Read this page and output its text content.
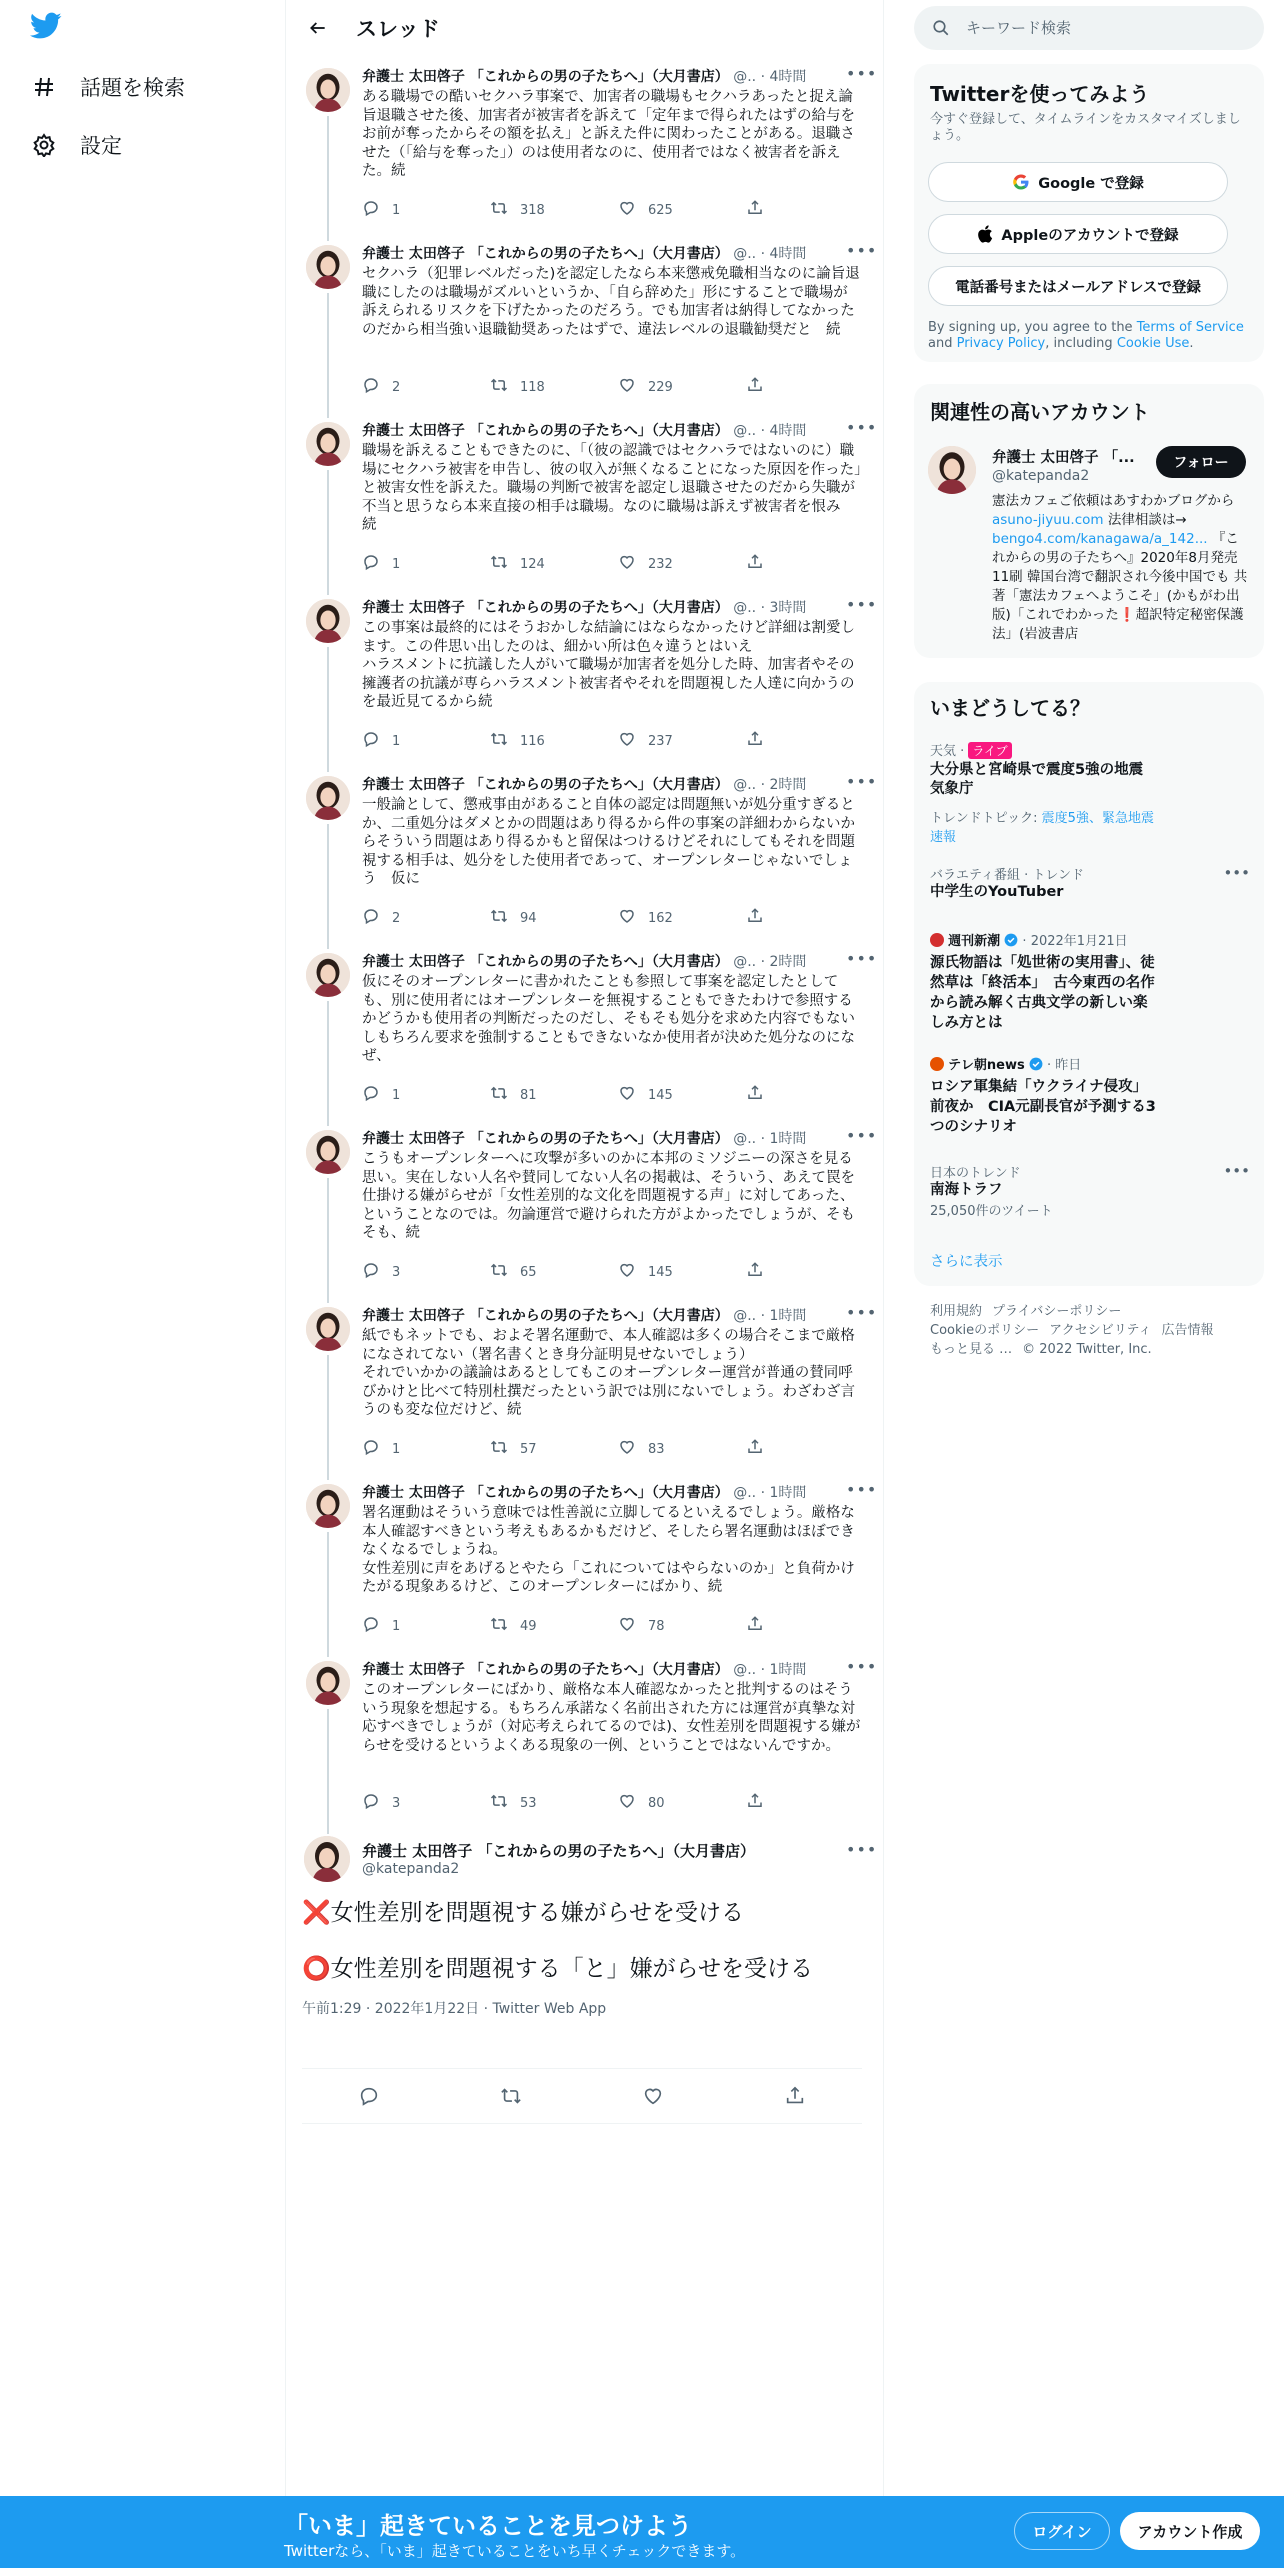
話題を検索
設定
スレッド
弁護士 太田啓子 「これからの男の子たちへ」（大月書店） @.. · 4時間	•••
ある職場での酷いセクハラ事案で、加害者の職場もセクハラあったと捉え論旨退職させた後、加害者が被害者を訴えて「定年まで得られたはずの給与をお前が奪ったからその額を払え」と訴えた件に関わったことがある。退職させた（「給与を奪った」）のは使用者なのに、使用者ではなく被害者を訴えた。続
1	318	625
弁護士 太田啓子 「これからの男の子たちへ」（大月書店） @.. · 4時間	•••
セクハラ（犯罪レベルだった)を認定したなら本来懲戒免職相当なのに論旨退職にしたのは職場がズルいというか、「自ら辞めた」形にすることで職場が訴えられるリスクを下げたかったのだろう。でも加害者は納得してなかったのだから相当強い退職勧奨あったはずで、違法レベルの退職勧奨だと　続
2	118	229
弁護士 太田啓子 「これからの男の子たちへ」（大月書店） @.. · 4時間	•••
職場を訴えることもできたのに、「（彼の認識ではセクハラではないのに）職場にセクハラ被害を申告し、彼の収入が無くなることになった原因を作った」と被害女性を訴えた。職場の判断で被害を認定し退職させたのだから失職が不当と思うなら本来直接の相手は職場。なのに職場は訴えず被害者を恨み　続
1	124	232
弁護士 太田啓子 「これからの男の子たちへ」（大月書店） @.. · 3時間	•••
この事案は最終的にはそうおかしな結論にはならなかったけど詳細は割愛します。この件思い出したのは、細かい所は色々違うとはいえ
ハラスメントに抗議した人がいて職場が加害者を処分した時、加害者やその擁護者の抗議が専らハラスメント被害者やそれを問題視した人達に向かうのを最近見てるから続
1	116	237
弁護士 太田啓子 「これからの男の子たちへ」（大月書店） @.. · 2時間	•••
一般論として、懲戒事由があること自体の認定は問題無いが処分重すぎるとか、二重処分はダメとかの問題はあり得るから件の事案の詳細わからないからそういう問題はあり得るかもと留保はつけるけどそれにしてもそれを問題視する相手は、処分をした使用者であって、オープンレターじゃないでしょう　仮に
2	94	162
弁護士 太田啓子 「これからの男の子たちへ」（大月書店） @.. · 2時間	•••
仮にそのオープンレターに書かれたことも参照して事案を認定したとしても、別に使用者にはオープンレターを無視することもできたわけで参照するかどうかも使用者の判断だったのだし、そもそも処分を求めた内容でもないしもちろん要求を強制することもできないなか使用者が決めた処分なのになぜ、
1	81	145
弁護士 太田啓子 「これからの男の子たちへ」（大月書店） @.. · 1時間	•••
こうもオープンレターへに攻撃が多いのかに本邦のミソジニーの深さを見る思い。実在しない人名や賛同してない人名の掲載は、そういう、あえて罠を仕掛ける嫌がらせが「女性差別的な文化を問題視する声」に対してあった、ということなのでは。勿論運営で避けられた方がよかったでしょうが、そもそも、続
3	65	145
弁護士 太田啓子 「これからの男の子たちへ」（大月書店） @.. · 1時間	•••
紙でもネットでも、およそ署名運動で、本人確認は多くの場合そこまで厳格になされてない（署名書くとき身分証明見せないでしょう）
それでいかかの議論はあるとしてもこのオープンレター運営が普通の賛同呼びかけと比べて特別杜撰だったという訳では別にないでしょう。わざわざ言うのも変な位だけど、続
1	57	83
弁護士 太田啓子 「これからの男の子たちへ」（大月書店） @.. · 1時間	•••
署名運動はそういう意味では性善説に立脚してるといえるでしょう。厳格な本人確認すべきという考えもあるかもだけど、そしたら署名運動はほぼできなくなるでしょうね。
女性差別に声をあげるとやたら「これについてはやらないのか」と負荷かけたがる現象あるけど、このオープンレターにばかり、続
1	49	78
弁護士 太田啓子 「これからの男の子たちへ」（大月書店） @.. · 1時間	•••
このオープンレターにばかり、厳格な本人確認なかったと批判するのはそういう現象を想起する。もちろん承諾なく名前出された方には運営が真摯な対応すべきでしょうが（対応考えられてるのでは)、女性差別を問題視する嫌がらせを受けるというよくある現象の一例、ということではないんですか。
3	53	80
弁護士 太田啓子 「これからの男の子たちへ」（大月書店）
@katepanda2
•••
❌女性差別を問題視する嫌がらせを受ける
⭕女性差別を問題視する「と」嫌がらせを受ける
午前1:29 · 2022年1月22日 · Twitter Web App
キーワード検索
Twitterを使ってみよう
今すぐ登録して、タイムラインをカスタマイズしましょう。
Google で登録
Appleのアカウントで登録
電話番号またはメールアドレスで登録
By signing up, you agree to the Terms of Service and Privacy Policy, including Cookie Use.
関連性の高いアカウント
弁護士 太田啓子 「...
@katepanda2
フォロー
憲法カフェご依頼はあすわかブログから asuno-jiyuu.com 法律相談は→ bengo4.com/kanagawa/a_142... 『これからの男の子たちへ』2020年8月発売 11刷 韓国台湾で翻訳され今後中国でも 共著「憲法カフェへようこそ」(かもがわ出版)「これでわかった❗超訳特定秘密保護法」(岩波書店
いまどうしてる？
天気 · ライブ
大分県と宮崎県で震度5強の地震
気象庁
トレンドトピック: 震度5強、緊急地震速報
バラエティ番組 · トレンド
中学生のYouTuber
•••
週刊新潮  · 2022年1月21日
源氏物語は「処世術の実用書」、徒然草は「終活本」　古今東西の名作から読み解く古典文学の新しい楽しみ方とは
テレ朝news  · 昨日
ロシア軍集結「ウクライナ侵攻」前夜か　CIA元副長官が予測する3つのシナリオ
日本のトレンド
南海トラフ
25,050件のツイート
•••
さらに表示
利用規約 プライバシーポリシー
Cookieのポリシー アクセシビリティ 広告情報
もっと見る … © 2022 Twitter, Inc.
「いま」起きていることを見つけよう
Twitterなら、「いま」起きていることをいち早くチェックできます。
ログイン	アカウント作成
